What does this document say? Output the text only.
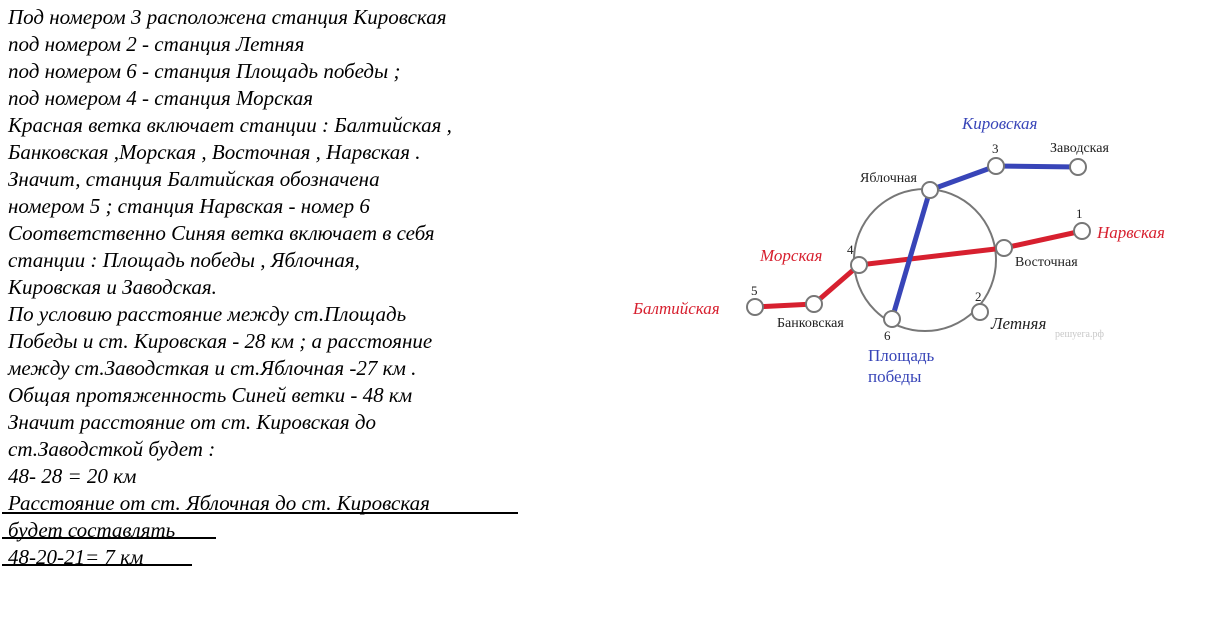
Под номером 3 расположена станция Кировская
под номером 2 - станция Летняя
под номером 6 - станция Площадь победы ;
под номером 4 - станция Морская
Красная ветка включает станции : Балтийская ,
Банковская ,Морская , Восточная , Нарвская .
Значит, станция Балтийская обозначена
номером 5 ; станция Нарвская - номер 6
Соответственно Синяя ветка включает в себя
станции : Площадь победы , Яблочная,
Кировская и Заводская.
По условию расстояние между ст.Площадь
Победы и ст. Кировская - 28 км ; а расстояние
между ст.Заводсткая и ст.Яблочная -27 км .
Общая протяженность Синей ветки - 48 км
Значит расстояние от ст. Кировская до
ст.Заводсткой будет :
48- 28 = 20 км
Расстояние от ст. Яблочная до ст. Кировская
будет составлять
48-20-21= 7 км
1
2
3
4
5
6
Заводская
Яблочная
Восточная
Банковская	Летняя
Кировская
Нарвская
Морская
Балтийская
Площадь
победы
решуега.рф
